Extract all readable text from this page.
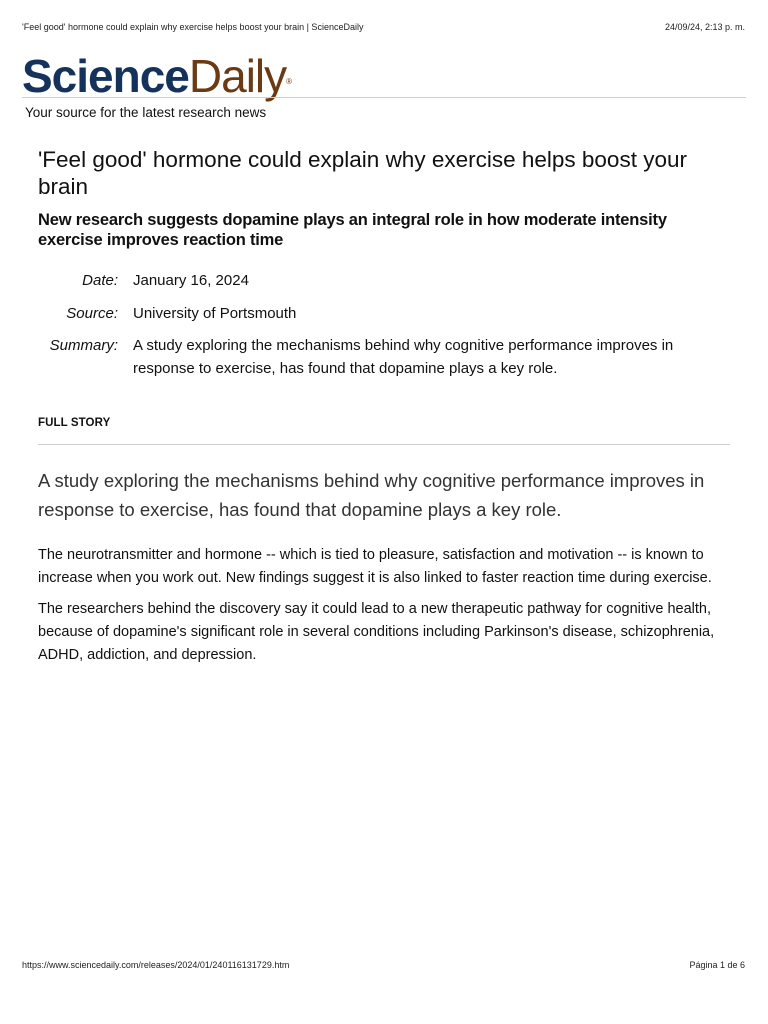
'Feel good' hormone could explain why exercise helps boost your brain | ScienceDaily	24/09/24, 2:13 p. m.
ScienceDaily®
Your source for the latest research news
'Feel good' hormone could explain why exercise helps boost your brain
New research suggests dopamine plays an integral role in how moderate intensity exercise improves reaction time
Date: January 16, 2024
Source: University of Portsmouth
Summary: A study exploring the mechanisms behind why cognitive performance improves in response to exercise, has found that dopamine plays a key role.
FULL STORY

A study exploring the mechanisms behind why cognitive performance improves in response to exercise, has found that dopamine plays a key role.

The neurotransmitter and hormone -- which is tied to pleasure, satisfaction and motivation -- is known to increase when you work out. New findings suggest it is also linked to faster reaction time during exercise.

The researchers behind the discovery say it could lead to a new therapeutic pathway for cognitive health, because of dopamine's significant role in several conditions including Parkinson's disease, schizophrenia, ADHD, addiction, and depression.

https://www.sciencedaily.com/releases/2024/01/240116131729.htm	Página 1 de 6
